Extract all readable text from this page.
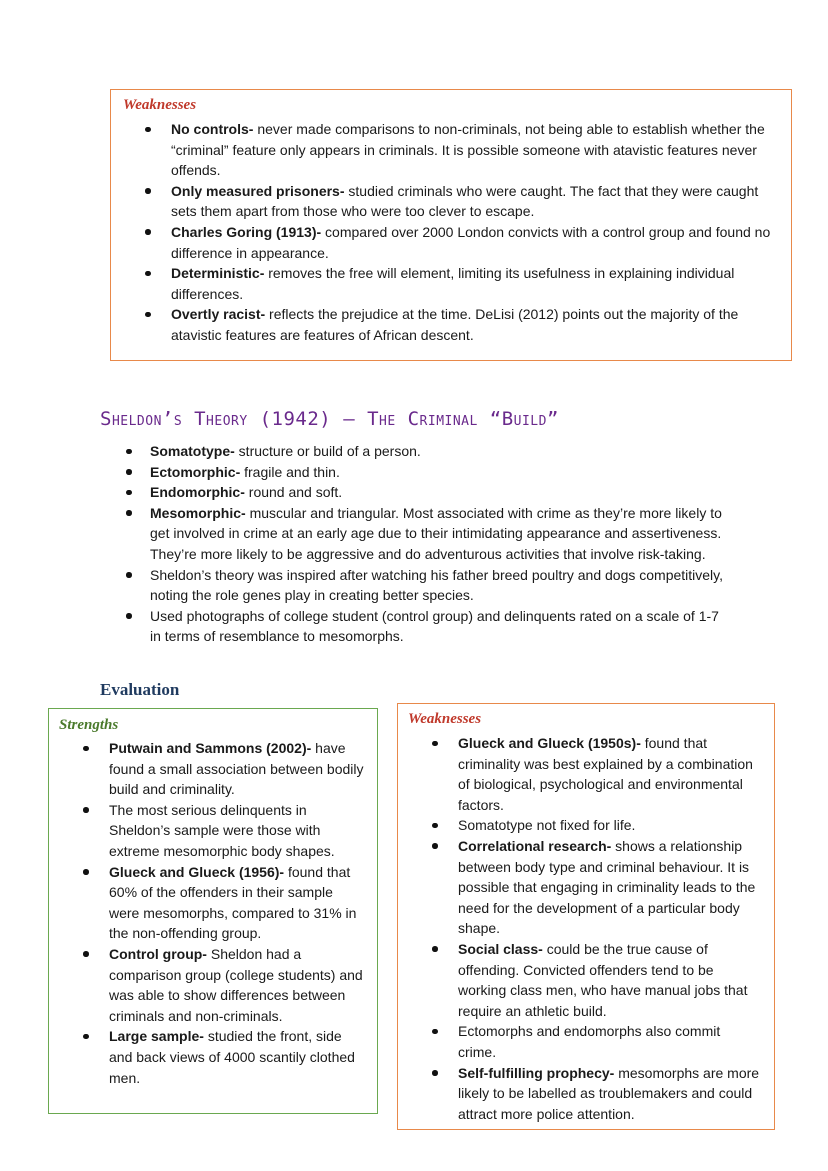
Weaknesses
No controls- never made comparisons to non-criminals, not being able to establish whether the “criminal” feature only appears in criminals. It is possible someone with atavistic features never offends.
Only measured prisoners- studied criminals who were caught. The fact that they were caught sets them apart from those who were too clever to escape.
Charles Goring (1913)- compared over 2000 London convicts with a control group and found no difference in appearance.
Deterministic- removes the free will element, limiting its usefulness in explaining individual differences.
Overtly racist- reflects the prejudice at the time. DeLisi (2012) points out the majority of the atavistic features are features of African descent.
Sheldon’s Theory (1942) – The Criminal “Build”
Somatotype- structure or build of a person.
Ectomorphic- fragile and thin.
Endomorphic- round and soft.
Mesomorphic- muscular and triangular. Most associated with crime as they’re more likely to get involved in crime at an early age due to their intimidating appearance and assertiveness. They’re more likely to be aggressive and do adventurous activities that involve risk-taking.
Sheldon’s theory was inspired after watching his father breed poultry and dogs competitively, noting the role genes play in creating better species.
Used photographs of college student (control group) and delinquents rated on a scale of 1-7 in terms of resemblance to mesomorphs.
Evaluation
Strengths
Putwain and Sammons (2002)- have found a small association between bodily build and criminality.
The most serious delinquents in Sheldon’s sample were those with extreme mesomorphic body shapes.
Glueck and Glueck (1956)- found that 60% of the offenders in their sample were mesomorphs, compared to 31% in the non-offending group.
Control group- Sheldon had a comparison group (college students) and was able to show differences between criminals and non-criminals.
Large sample- studied the front, side and back views of 4000 scantily clothed men.
Weaknesses
Glueck and Glueck (1950s)- found that criminality was best explained by a combination of biological, psychological and environmental factors.
Somatotype not fixed for life.
Correlational research- shows a relationship between body type and criminal behaviour. It is possible that engaging in criminality leads to the need for the development of a particular body shape.
Social class- could be the true cause of offending. Convicted offenders tend to be working class men, who have manual jobs that require an athletic build.
Ectomorphs and endomorphs also commit crime.
Self-fulfilling prophecy- mesomorphs are more likely to be labelled as troublemakers and could attract more police attention.
